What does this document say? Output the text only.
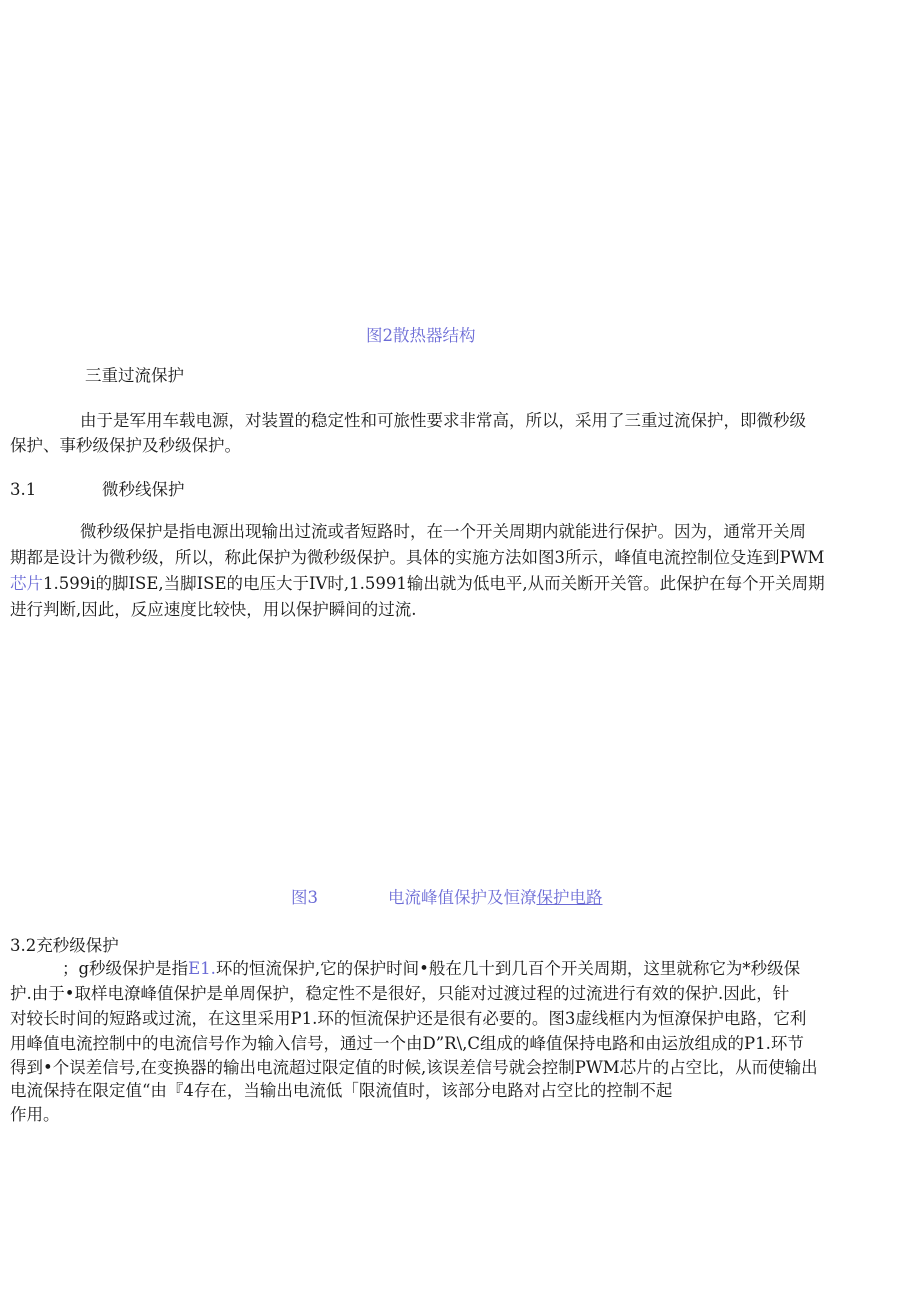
图2散热器结构
三重过流保护
由于是军用车载电源，对装置的稳定性和可旅性要求非常高，所以，采用了三重过流保护，即微秒级
保护、事秒级保护及秒级保护。
3.1	微秒线保护
微秒级保护是指电源出现输出过流或者短路时，在一个开关周期内就能进行保护。因为，通常开关周
期都是设计为微秒级，所以，称此保护为微秒级保护。具体的实施方法如图3所示，峰值电流控制位殳连到PWM
芯片1.599i的脚ISE,当脚ISE的电压大于IV时,1.5991输出就为低电平,从而关断开关管。此保护在每个开关周期
进行判断,因此，反应速度比较快，用以保护瞬间的过流.
图3	电流峰值保护及恒潦保护电路
3.2充秒级保护
；g秒级保护是指E1.环的恒流保护,它的保护时间•般在几十到几百个开关周期，这里就称它为*秒级保
护.由于•取样电潦峰值保护是单周保护，稳定性不是很好，只能对过渡过程的过流进行有效的保护.因此，针
对较长时间的短路或过流，在这里采用P1.环的恒流保护还是很有必要的。图3虚线框内为恒潦保护电路，它利
用峰值电流控制中的电流信号作为输入信号，通过一个由D”R\,C组成的峰值保持电路和由运放组成的P1.环节
得到•个误差信号,在变换器的输出电流超过限定值的时候,该误差信号就会控制PWM芯片的占空比，从而使输出
电流保持在限定值“由『4存在，当输出电流低「限流值时，该部分电路对占空比的控制不起
作用。
